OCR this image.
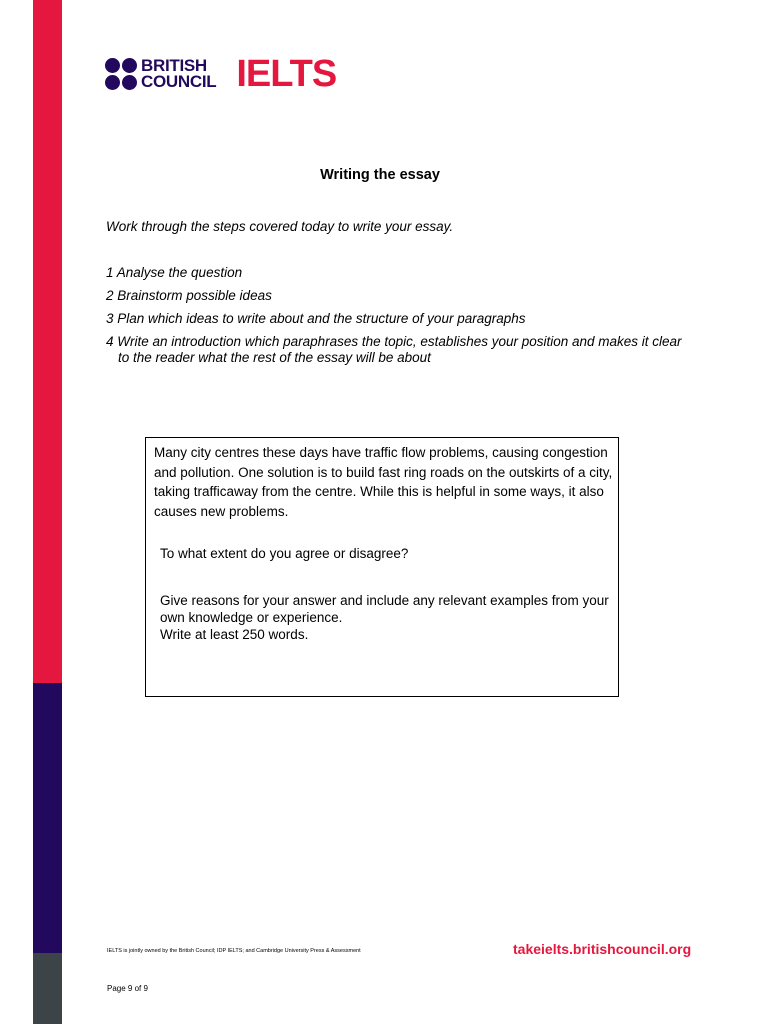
BRITISH
COUNCIL IELTS
Writing the essay
Work through the steps covered today to write your essay.
1 Analyse the question
2 Brainstorm possible ideas
3 Plan which ideas to write about and the structure of your paragraphs
4 Write an introduction which paraphrases the topic, establishes your position and makes it clear to the reader what the rest of the essay will be about
Many city centres these days have traffic flow problems, causing congestion and pollution. One solution is to build fast ring roads on the outskirts of a city, taking trafficaway from the centre. While this is helpful in some ways, it also causes new problems.
To what extent do you agree or disagree?
Give reasons for your answer and include any relevant examples from your own knowledge or experience.
Write at least 250 words.
IELTS is jointly owned by the British Council; IDP IELTS; and Cambridge University Press & Assessment	takeielts.britishcouncil.org
Page 9 of 9
